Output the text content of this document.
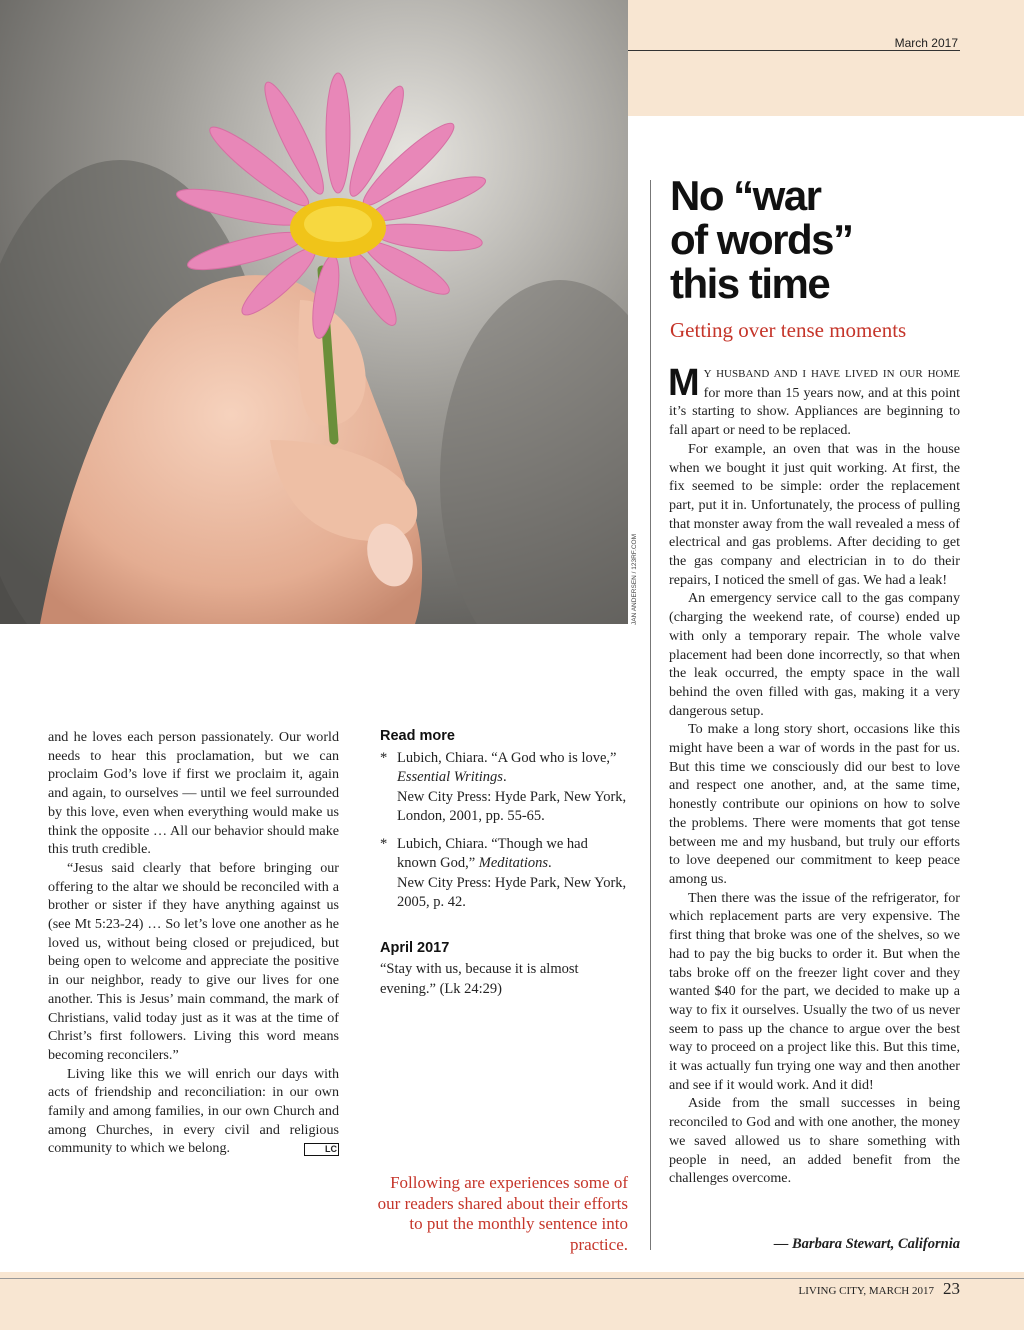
JAN ANDERSEN / 123RF.COM
March 2017
No “war
of words”
this time
Getting over tense moments

M Y HUSBAND AND I HAVE LIVED IN OUR HOME for more than 15 years now, and at this point it’s starting to show. Appliances are beginning to fall apart or need to be replaced.

For example, an oven that was in the house when we bought it just quit working. At first, the fix seemed to be simple: order the replacement part, put it in. Unfortunately, the process of pulling that monster away from the wall revealed a mess of electrical and gas problems. After deciding to get the gas company and electrician in to do their repairs, I noticed the smell of gas. We had a leak!

An emergency service call to the gas company (charging the weekend rate, of course) ended up with only a temporary repair. The whole valve placement had been done incorrectly, so that when the leak occurred, the empty space in the wall behind the oven filled with gas, making it a very dangerous setup.

To make a long story short, occasions like this might have been a war of words in the past for us. But this time we consciously did our best to love and respect one another, and, at the same time, honestly contribute our opinions on how to solve the problems. There were moments that got tense between me and my husband, but truly our efforts to love deepened our commitment to keep peace among us.

Then there was the issue of the refrigerator, for which replacement parts are very expensive. The first thing that broke was one of the shelves, so we had to pay the big bucks to order it. But when the tabs broke off on the freezer light cover and they wanted $40 for the part, we decided to make up a way to fix it ourselves. Usually the two of us never seem to pass up the chance to argue over the best way to proceed on a project like this. But this time, it was actually fun trying one way and then another and see if it would work. And it did!

Aside from the small successes in being reconciled to God and with one another, the money we saved allowed us to share something with people in need, an added benefit from the challenges overcome.

— Barbara Stewart, California

and he loves each person passionately. Our world needs to hear this proclamation, but we can proclaim God’s love if first we proclaim it, again and again, to ourselves — until we feel surrounded by this love, even when everything would make us think the opposite … All our behavior should make this truth credible.

“Jesus said clearly that before bringing our offering to the altar we should be reconciled with a brother or sister if they have anything against us (see Mt 5:23-24) … So let’s love one another as he loved us, without being closed or prejudiced, but being open to welcome and appreciate the positive in our neighbor, ready to give our lives for one another. This is Jesus’ main command, the mark of Christians, valid today just as it was at the time of Christ’s first followers. Living this word means becoming reconcilers.”

Living like this we will enrich our days with acts of friendship and reconciliation: in our own family and among families, in our own Church and among Churches, in every civil and religious community to which we belong.	LC

Read more
* Lubich, Chiara. “A God who is love,” Essential Writings.
New City Press: Hyde Park, New York, London, 2001, pp. 55-65.
* Lubich, Chiara. “Though we had known God,” Meditations.
New City Press: Hyde Park, New York, 2005, p. 42.
April 2017
“Stay with us, because it is almost evening.” (Lk 24:29)
Following are experiences some of our readers shared about their efforts to put the monthly sentence into practice.
LIVING CITY, MARCH 2017 23
